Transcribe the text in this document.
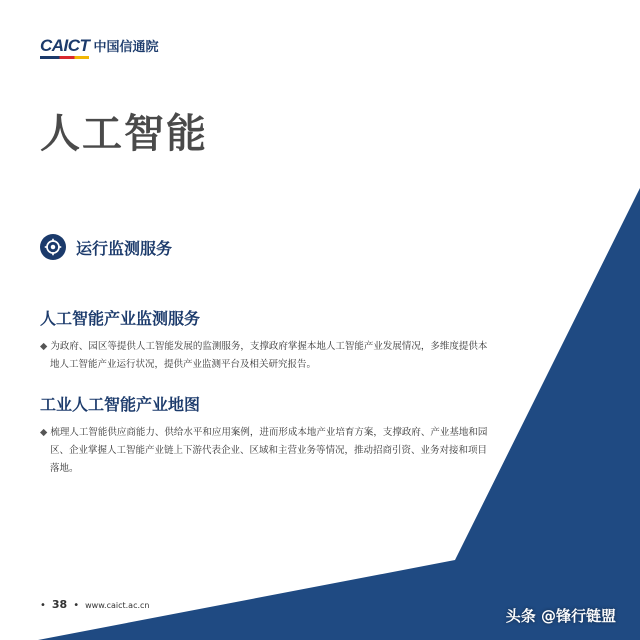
CAICT 中国信通院
人工智能
运行监测服务
人工智能产业监测服务

◆ 为政府、园区等提供人工智能发展的监测服务，支撑政府掌握本地人工智能产业发展情况，多维度提供本地人工智能产业运行状况，提供产业监测平台及相关研究报告。

工业人工智能产业地图

◆ 梳理人工智能供应商能力、供给水平和应用案例，进而形成本地产业培育方案，支撑政府、产业基地和园区、企业掌握人工智能产业链上下游代表企业、区域和主营业务等情况，推动招商引资、业务对接和项目落地。

• 38 • www.caict.ac.cn
头条 @锋行链盟
